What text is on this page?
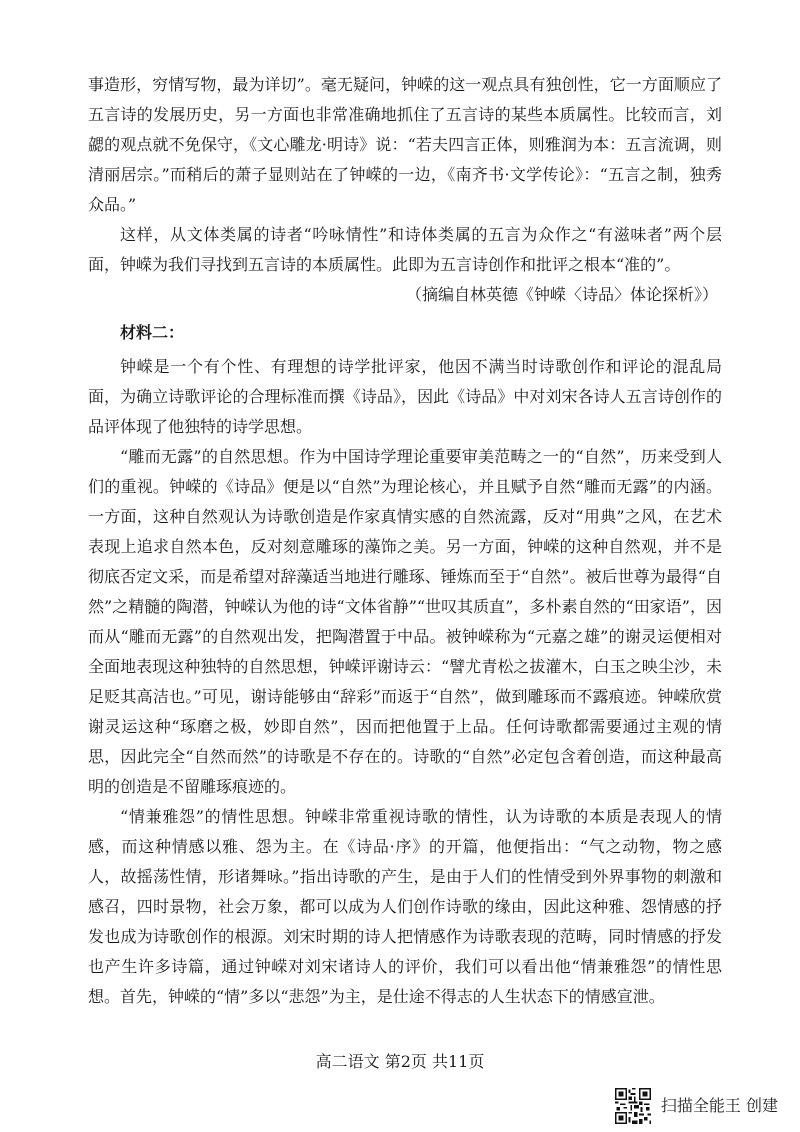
事造形，穷情写物，最为详切”。毫无疑问，钟嵘的这一观点具有独创性，它一方面顺应了五言诗的发展历史，另一方面也非常准确地抓住了五言诗的某些本质属性。比较而言，刘勰的观点就不免保守，《文心雕龙·明诗》说：“若夫四言正体，则雅润为本：五言流调，则清丽居宗。”而稍后的萧子显则站在了钟嵘的一边，《南齐书·文学传论》：“五言之制，独秀众品。”

这样，从文体类属的诗者“吟咏情性”和诗体类属的五言为众作之“有滋味者”两个层面，钟嵘为我们寻找到五言诗的本质属性。此即为五言诗创作和批评之根本“准的”。

（摘编自林英德《钟嵘〈诗品〉体论探析》）

材料二：

钟嵘是一个有个性、有理想的诗学批评家，他因不满当时诗歌创作和评论的混乱局面，为确立诗歌评论的合理标准而撰《诗品》，因此《诗品》中对刘宋各诗人五言诗创作的品评体现了他独特的诗学思想。

“雕而无露”的自然思想。作为中国诗学理论重要审美范畴之一的“自然”，历来受到人们的重视。钟嵘的《诗品》便是以“自然”为理论核心，并且赋予自然“雕而无露”的内涵。一方面，这种自然观认为诗歌创造是作家真情实感的自然流露，反对“用典”之风，在艺术表现上追求自然本色，反对刻意雕琢的藻饰之美。另一方面，钟嵘的这种自然观，并不是彻底否定文采，而是希望对辞藻适当地进行雕琢、锤炼而至于“自然”。被后世尊为最得“自然”之精髓的陶潜，钟嵘认为他的诗“文体省静”“世叹其质直”，多朴素自然的“田家语”，因而从“雕而无露”的自然观出发，把陶潜置于中品。被钟嵘称为“元嘉之雄”的谢灵运便相对全面地表现这种独特的自然思想，钟嵘评谢诗云：“譬尤青松之拔灌木，白玉之映尘沙，未足贬其高洁也。”可见，谢诗能够由“辞彩”而返于“自然”，做到雕琢而不露痕迹。钟嵘欣赏谢灵运这种“琢磨之极，妙即自然”，因而把他置于上品。任何诗歌都需要通过主观的情思，因此完全“自然而然”的诗歌是不存在的。诗歌的“自然”必定包含着创造，而这种最高明的创造是不留雕琢痕迹的。

“情兼雅怨”的情性思想。钟嵘非常重视诗歌的情性，认为诗歌的本质是表现人的情感，而这种情感以雅、怨为主。在《诗品·序》的开篇，他便指出：“气之动物，物之感人，故摇荡性情，形诸舞咏。”指出诗歌的产生，是由于人们的性情受到外界事物的刺激和感召，四时景物，社会万象，都可以成为人们创作诗歌的缘由，因此这种雅、怨情感的抒发也成为诗歌创作的根源。刘宋时期的诗人把情感作为诗歌表现的范畴，同时情感的抒发也产生许多诗篇，通过钟嵘对刘宋诸诗人的评价，我们可以看出他“情兼雅怨”的情性思想。首先，钟嵘的“情”多以“悲怨”为主，是仕途不得志的人生状态下的情感宣泄。

高二语文 第2页 共11页
扫描全能王 创建
